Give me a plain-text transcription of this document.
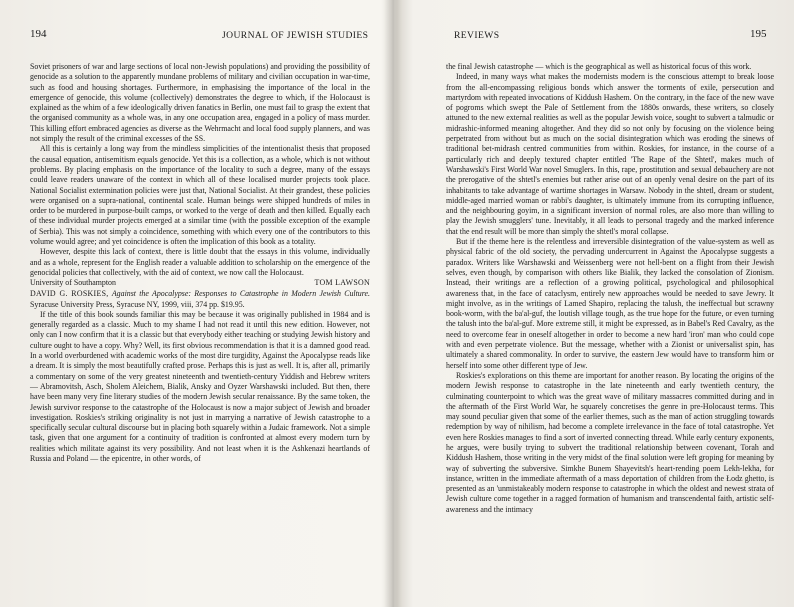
194	JOURNAL OF JEWISH STUDIES

Soviet prisoners of war and large sections of local non-Jewish populations) and providing the possibility of genocide as a solution to the apparently mundane problems of military and civilian occupation in war-time, such as food and housing shortages. Furthermore, in emphasising the importance of the local in the emergence of genocide, this volume (collectively) demonstrates the degree to which, if the Holocaust is explained as the whim of a few ideologically driven fanatics in Berlin, one must fail to grasp the extent that the organised community as a whole was, in any one occupation area, engaged in a policy of mass murder. This killing effort embraced agencies as diverse as the Wehrmacht and local food supply planners, and was not simply the result of the criminal excesses of the SS.

All this is certainly a long way from the mindless simplicities of the intentionalist thesis that proposed the causal equation, antisemitism equals genocide. Yet this is a collection, as a whole, which is not without problems. By placing emphasis on the importance of the locality to such a degree, many of the essays could leave readers unaware of the context in which all of these localised murder projects took place. National Socialist extermination policies were just that, National Socialist. At their grandest, these policies were organised on a supra-national, continental scale. Human beings were shipped hundreds of miles in order to be murdered in purpose-built camps, or worked to the verge of death and then killed. Equally each of these individual murder projects emerged at a similar time (with the possible exception of the example of Serbia). This was not simply a coincidence, something with which every one of the contributors to this volume would agree; and yet coincidence is often the implication of this book as a totality.

However, despite this lack of context, there is little doubt that the essays in this volume, individually and as a whole, represent for the English reader a valuable addition to scholarship on the emergence of the genocidal policies that collectively, with the aid of context, we now call the Holocaust.

University of Southampton	TOM LAWSON

DAVID G. ROSKIES, Against the Apocalypse: Responses to Catastrophe in Modern Jewish Culture. Syracuse University Press, Syracuse NY, 1999, viii, 374 pp. $19.95.

If the title of this book sounds familiar this may be because it was originally published in 1984 and is generally regarded as a classic. Much to my shame I had not read it until this new edition. However, not only can I now confirm that it is a classic but that everybody either teaching or studying Jewish history and culture ought to have a copy. Why? Well, its first obvious recommendation is that it is a damned good read. In a world overburdened with academic works of the most dire turgidity, Against the Apocalypse reads like a dream. It is simply the most beautifully crafted prose. Perhaps this is just as well. It is, after all, primarily a commentary on some of the very greatest nineteenth and twentieth-century Yiddish and Hebrew writers — Abramovitsh, Asch, Sholem Aleichem, Bialik, Ansky and Oyzer Warshawski included. But then, there have been many very fine literary studies of the modern Jewish secular renaissance. By the same token, the Jewish survivor response to the catastrophe of the Holocaust is now a major subject of Jewish and broader investigation. Roskies's striking originality is not just in marrying a narrative of Jewish catastrophe to a specifically secular cultural discourse but in placing both squarely within a Judaic framework. Not a simple task, given that one argument for a continuity of tradition is confronted at almost every modern turn by realities which militate against its very possibility. And not least when it is the Ashkenazi heartlands of Russia and Poland — the epicentre, in other words, of

REVIEWS	195

the final Jewish catastrophe — which is the geographical as well as historical focus of this work.

Indeed, in many ways what makes the modernists modern is the conscious attempt to break loose from the all-encompassing religious bonds which answer the torments of exile, persecution and martyrdom with repeated invocations of Kiddush Hashem. On the contrary, in the face of the new wave of pogroms which swept the Pale of Settlement from the 1880s onwards, these writers, so closely attuned to the new external realities as well as the popular Jewish voice, sought to subvert a talmudic or midrashic-informed meaning altogether. And they did so not only by focusing on the violence being perpetrated from without but as much on the social disintegration which was eroding the sinews of traditional bet-midrash centred communities from within. Roskies, for instance, in the course of a particularly rich and deeply textured chapter entitled 'The Rape of the Shtetl', makes much of Warshawski's First World War novel Smuglers. In this, rape, prostitution and sexual debauchery are not the prerogative of the shtetl's enemies but rather arise out of an openly venal desire on the part of its inhabitants to take advantage of wartime shortages in Warsaw. Nobody in the shtetl, dream or student, middle-aged married woman or rabbi's daughter, is ultimately immune from its corrupting influence, and the neighbouring goyim, in a significant inversion of normal roles, are also more than willing to play the Jewish smugglers' tune. Inevitably, it all leads to personal tragedy and the marked inference that the end result will be more than simply the shtetl's moral collapse.

But if the theme here is the relentless and irreversible disintegration of the value-system as well as physical fabric of the old society, the pervading undercurrent in Against the Apocalypse suggests a paradox. Writers like Warshawski and Weissenberg were not hell-bent on a flight from their Jewish selves, even though, by comparison with others like Bialik, they lacked the consolation of Zionism. Instead, their writings are a reflection of a growing political, psychological and philosophical awareness that, in the face of cataclysm, entirely new approaches would be needed to save Jewry. It might involve, as in the writings of Lamed Shapiro, replacing the talush, the ineffectual but scrawny book-worm, with the ba'al-guf, the loutish village tough, as the true hope for the future, or even turning the talush into the ba'al-guf. More extreme still, it might be expressed, as in Babel's Red Cavalry, as the need to overcome fear in oneself altogether in order to become a new hard 'iron' man who could cope with and even perpetrate violence. But the message, whether with a Zionist or universalist spin, has ultimately a shared commonality. In order to survive, the eastern Jew would have to transform him or herself into some other different type of Jew.

Roskies's explorations on this theme are important for another reason. By locating the origins of the modern Jewish response to catastrophe in the late nineteenth and early twentieth century, the culminating counterpoint to which was the great wave of military massacres committed during and in the aftermath of the First World War, he squarely concretises the genre in pre-Holocaust terms. This may sound peculiar given that some of the earlier themes, such as the man of action struggling towards redemption by way of nihilism, had become a complete irrelevance in the face of total catastrophe. Yet even here Roskies manages to find a sort of inverted connecting thread. While early century exponents, he argues, were busily trying to subvert the traditional relationship between covenant, Torah and Kiddush Hashem, those writing in the very midst of the final solution were left groping for meaning by way of subverting the subversive. Simkhe Bunem Shayevitsh's heart-rending poem Lekh-lekha, for instance, written in the immediate aftermath of a mass deportation of children from the Łodz ghetto, is presented as an 'unmistakeably modern response to catastrophe in which the oldest and newest strata of Jewish culture come together in a ragged formation of humanism and transcendental faith, artistic self-awareness and the intimacy
